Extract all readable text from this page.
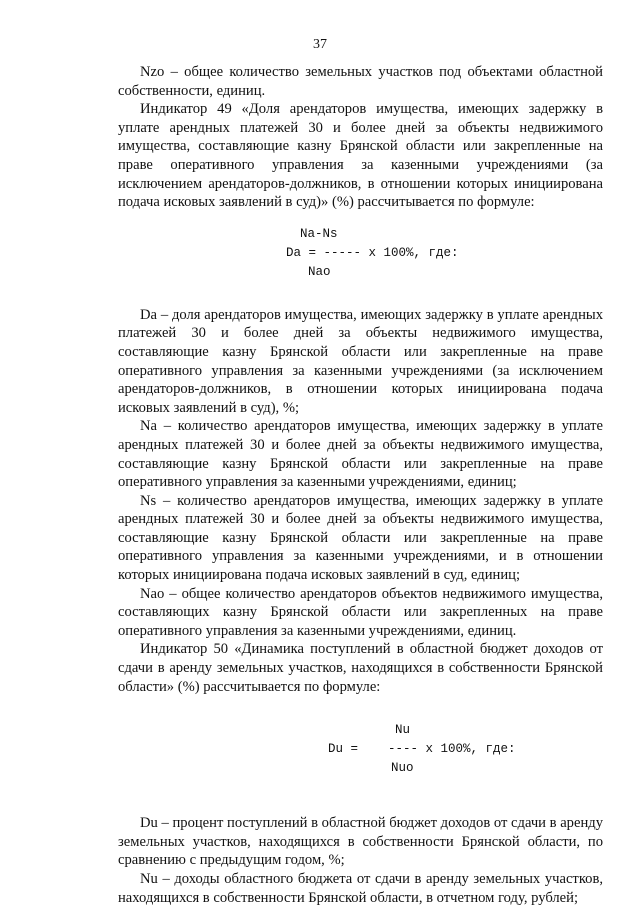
37

Nzo – общее количество земельных участков под объектами областной собственности, единиц.

Индикатор 49 «Доля арендаторов имущества, имеющих задержку в уплате арендных платежей 30 и более дней за объекты недвижимого имущества, составляющие казну Брянской области или закрепленные на праве оперативного управления за казенными учреждениями (за исключением арендаторов-должников, в отношении которых инициирована подача исковых заявлений в суд)» (%) рассчитывается по формуле:

Na-Ns

Da = ----- x 100%, где:

Nao

Da – доля арендаторов имущества, имеющих задержку в уплате арендных платежей 30 и более дней за объекты недвижимого имущества, составляющие казну Брянской области или закрепленные на праве оперативного управления за казенными учреждениями (за исключением арендаторов-должников, в отношении которых инициирована подача исковых заявлений в суд), %;

Na – количество арендаторов имущества, имеющих задержку в уплате арендных платежей 30 и более дней за объекты недвижимого имущества, составляющие казну Брянской области или закрепленные на праве оперативного управления за казенными учреждениями, единиц;

Ns – количество арендаторов имущества, имеющих задержку в уплате арендных платежей 30 и более дней за объекты недвижимого имущества, составляющие казну Брянской области или закрепленные на праве оперативного управления за казенными учреждениями, и в отношении которых инициирована подача исковых заявлений в суд, единиц;

Nao – общее количество арендаторов объектов недвижимого имущества, составляющих казну Брянской области или закрепленных на праве оперативного управления за казенными учреждениями, единиц.

Индикатор 50 «Динамика поступлений в областной бюджет доходов от сдачи в аренду земельных участков, находящихся в собственности Брянской области» (%) рассчитывается по формуле:

Nu

Du =    ---- x 100%, где:

Nuo

Du – процент поступлений в областной бюджет доходов от сдачи в аренду земельных участков, находящихся в собственности Брянской области, по сравнению с предыдущим годом, %;

Nu – доходы областного бюджета от сдачи в аренду земельных участков, находящихся в собственности Брянской области, в отчетном году, рублей;
